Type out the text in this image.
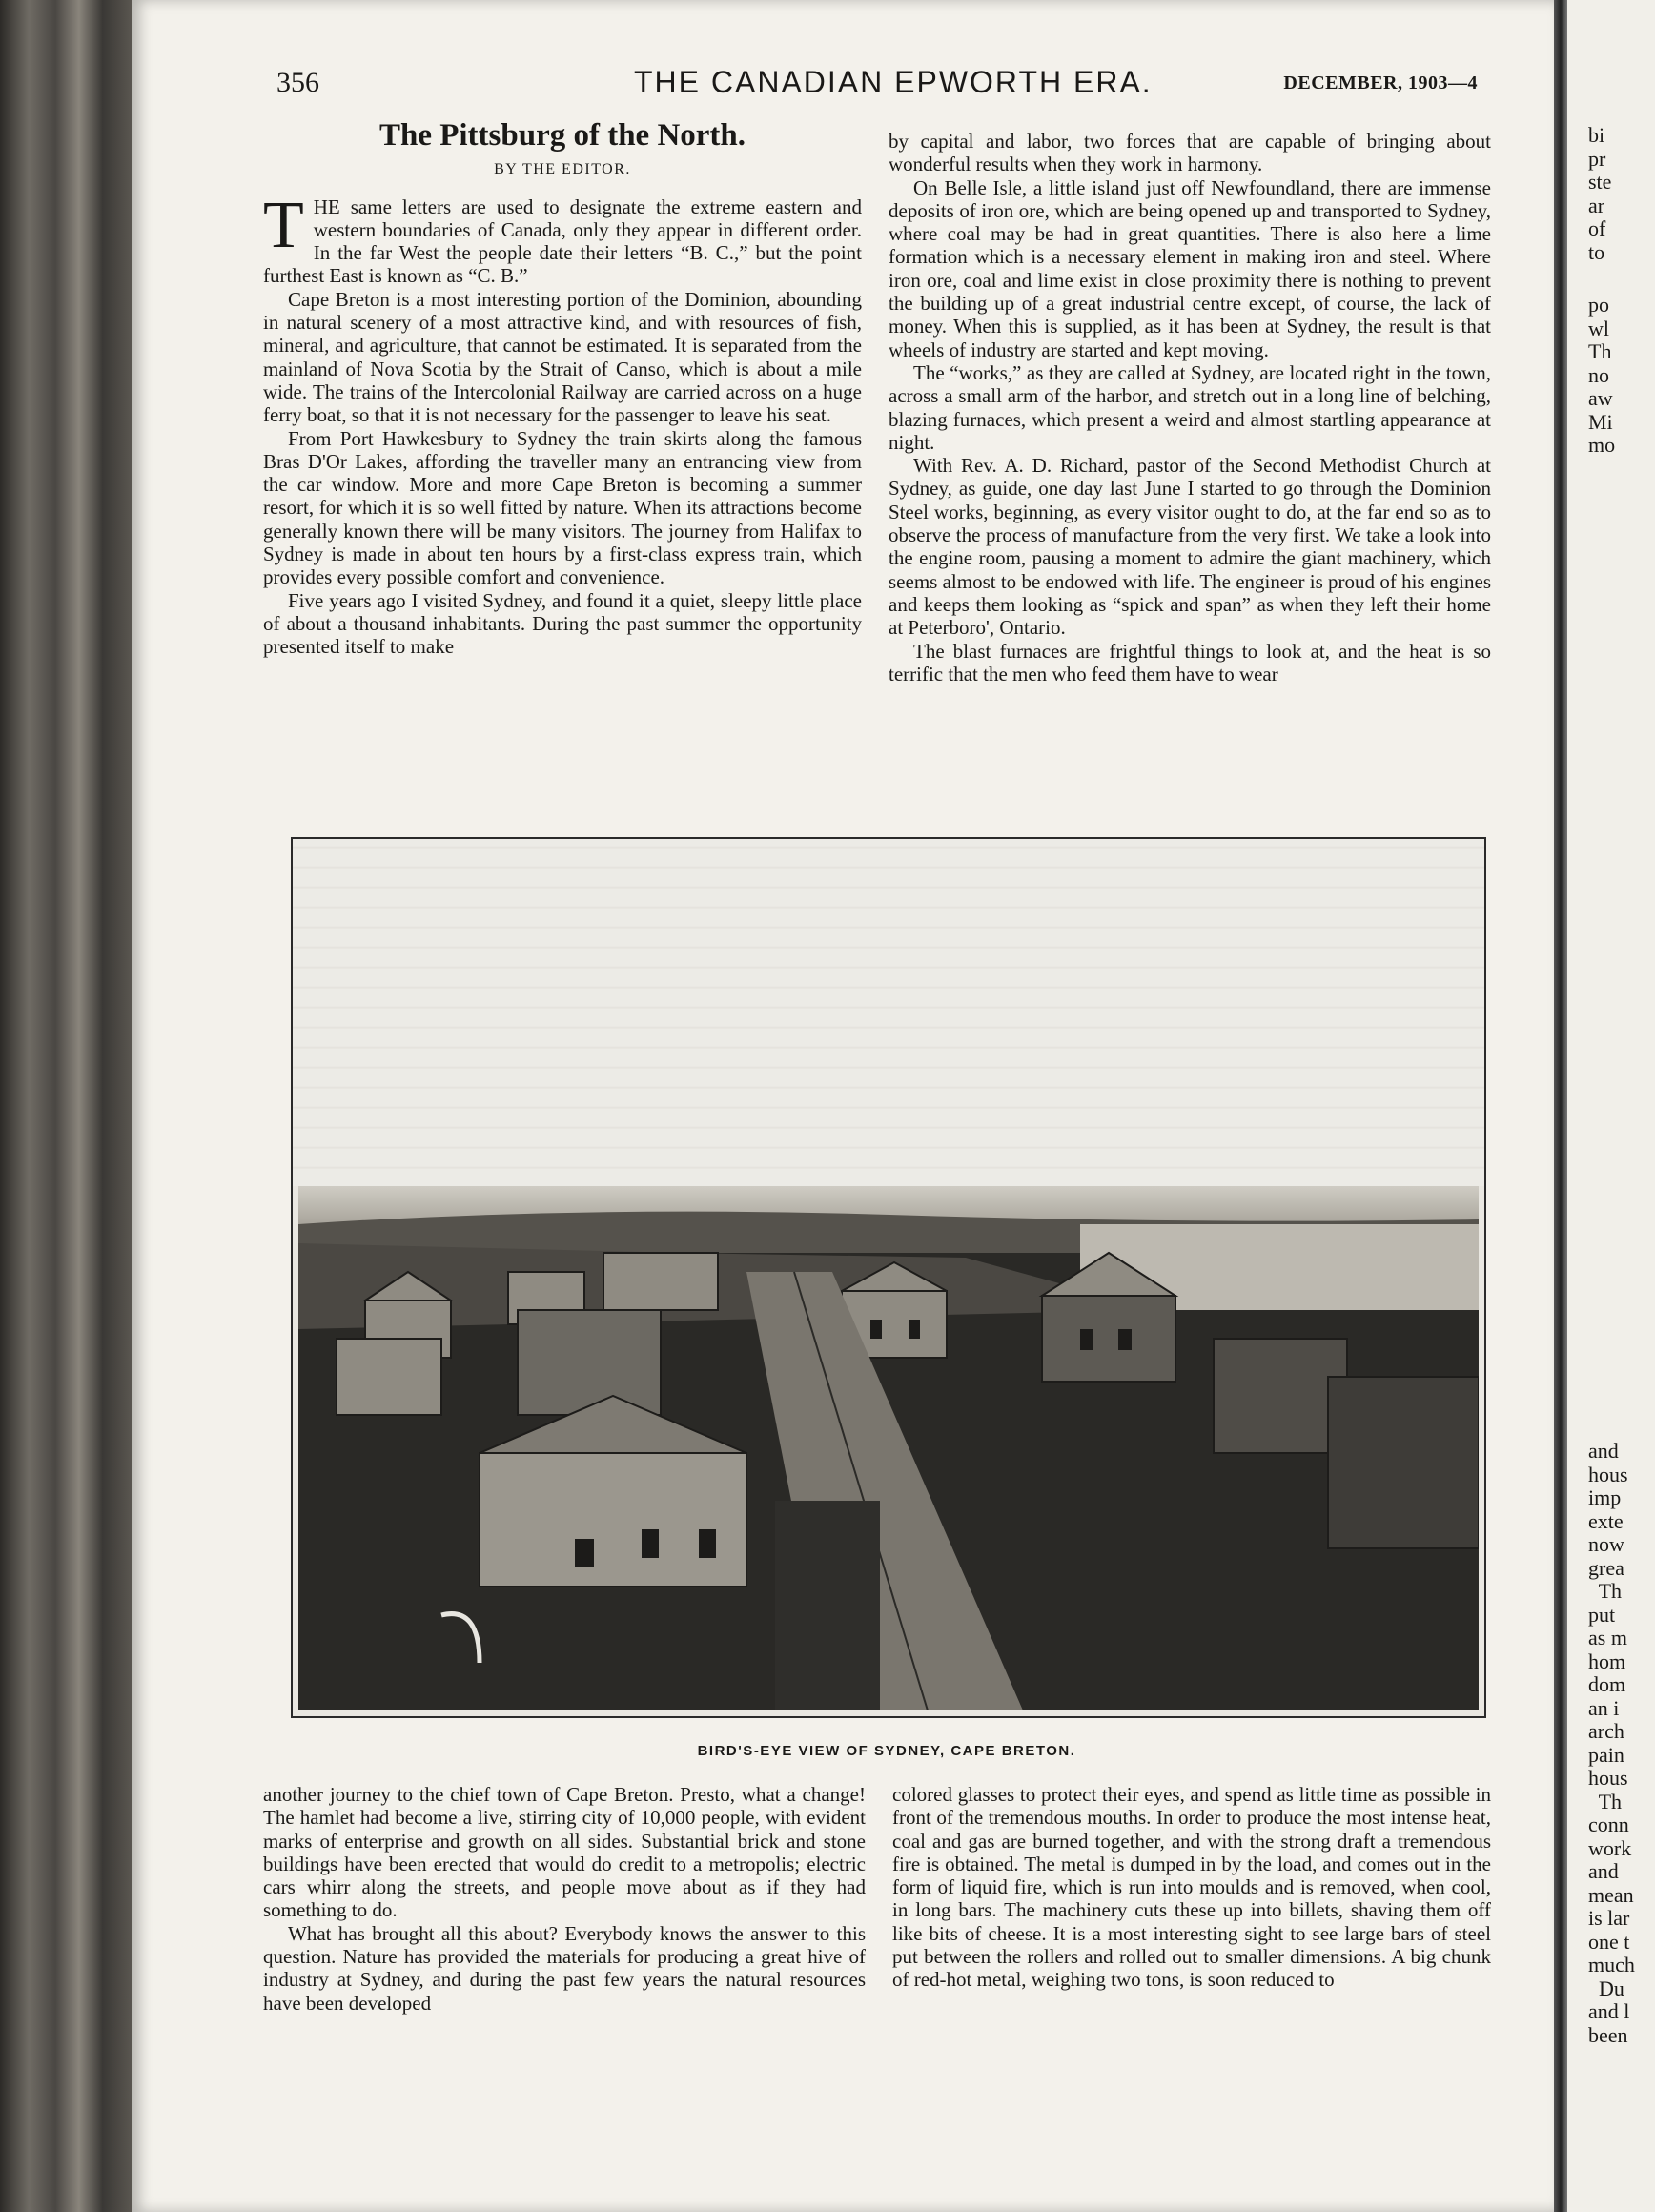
356	THE CANADIAN EPWORTH ERA.	DECEMBER, 1903—4
The Pittsburg of the North.
BY THE EDITOR.

THE same letters are used to designate the extreme eastern and western boundaries of Canada, only they appear in different order. In the far West the people date their letters “B. C.,” but the point furthest East is known as “C. B.”

Cape Breton is a most interesting portion of the Dominion, abounding in natural scenery of a most attractive kind, and with resources of fish, mineral, and agriculture, that cannot be estimated. It is separated from the mainland of Nova Scotia by the Strait of Canso, which is about a mile wide. The trains of the Intercolonial Railway are carried across on a huge ferry boat, so that it is not necessary for the passenger to leave his seat.

From Port Hawkesbury to Sydney the train skirts along the famous Bras D'Or Lakes, affording the traveller many an entrancing view from the car window. More and more Cape Breton is becoming a summer resort, for which it is so well fitted by nature. When its attractions become generally known there will be many visitors. The journey from Halifax to Sydney is made in about ten hours by a first-class express train, which provides every possible comfort and convenience.

Five years ago I visited Sydney, and found it a quiet, sleepy little place of about a thousand inhabitants. During the past summer the opportunity presented itself to make

by capital and labor, two forces that are capable of bringing about wonderful results when they work in harmony.

On Belle Isle, a little island just off Newfoundland, there are immense deposits of iron ore, which are being opened up and transported to Sydney, where coal may be had in great quantities. There is also here a lime formation which is a necessary element in making iron and steel. Where iron ore, coal and lime exist in close proximity there is nothing to prevent the building up of a great industrial centre except, of course, the lack of money. When this is supplied, as it has been at Sydney, the result is that wheels of industry are started and kept moving.

The “works,” as they are called at Sydney, are located right in the town, across a small arm of the harbor, and stretch out in a long line of belching, blazing furnaces, which present a weird and almost startling appearance at night.

With Rev. A. D. Richard, pastor of the Second Methodist Church at Sydney, as guide, one day last June I started to go through the Dominion Steel works, beginning, as every visitor ought to do, at the far end so as to observe the process of manufacture from the very first. We take a look into the engine room, pausing a moment to admire the giant machinery, which seems almost to be endowed with life. The engineer is proud of his engines and keeps them looking as “spick and span” as when they left their home at Peterboro', Ontario.

The blast furnaces are frightful things to look at, and the heat is so terrific that the men who feed them have to wear

BIRD'S-EYE VIEW OF SYDNEY, CAPE BRETON.

another journey to the chief town of Cape Breton. Presto, what a change! The hamlet had become a live, stirring city of 10,000 people, with evident marks of enterprise and growth on all sides. Substantial brick and stone buildings have been erected that would do credit to a metropolis; electric cars whirr along the streets, and people move about as if they had something to do.

What has brought all this about? Everybody knows the answer to this question. Nature has provided the materials for producing a great hive of industry at Sydney, and during the past few years the natural resources have been developed

colored glasses to protect their eyes, and spend as little time as possible in front of the tremendous mouths. In order to produce the most intense heat, coal and gas are burned together, and with the strong draft a tremendous fire is obtained. The metal is dumped in by the load, and comes out in the form of liquid fire, which is run into moulds and is removed, when cool, in long bars. The machinery cuts these up into billets, shaving them off like bits of cheese. It is a most interesting sight to see large bars of steel put between the rollers and rolled out to smaller dimensions. A big chunk of red-hot metal, weighing two tons, is soon reduced to

bi
pr
ste
ar
of
to
po
wl
Th
no
aw
Mi
mo
and
hous
imp
exte
now
grea
Th
put
as m
hom
dom
an i
arch
pain
hous
Th
conn
work
and
mean
is lar
one t
much
Du
and l
been
